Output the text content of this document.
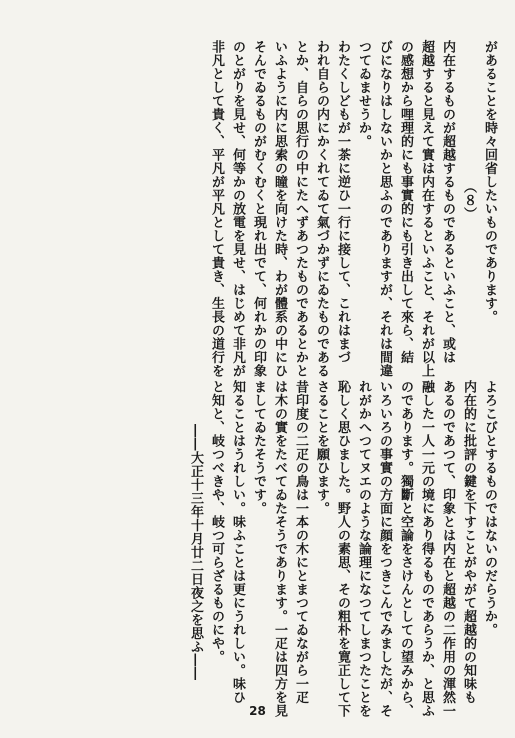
があることを時々回省したいものであります。
（８）
内在するものが超越するものであるといふこと、或は
超越すると見えて實は内在するといふこと、それが以上
の感想から哩理的にも事實的にも引き出して來ら、結
びになりはしないかと思ふのでありますが、それは間違
つてゐませうか。
わたくしどもが一茶に逆ひ一行に接して、これはまづ
われ自らの内にかくれてゐて氣づかずにゐたものである
とか、自らの思行の中にたへずあつたものであるとかと
いふように内に思索の瞳を向けた時、わが體系の中にひ
そんでゐるものがむくむくと現れ出でて、何れかの印象
のとがりを見せ、何等かの放電を見せ、はじめて非凡が
非凡として貴く、平凡が平凡として貴き、生長の道行を
よろこびとするものではないのだらうか。
内在的に批評の鍵を下すことがやがて超越的の知味も
あるのであつて、印象とは内在と超越の二作用の渾然一
融した一人一元の境にあり得るものであらうか、と思ふ
のであります。獨斷と空論をさけんとしての望みから、
いろいろの事實の方面に顔をつきこんでみましたが、そ
れがかへつてヌエのような論理になつてしまつたことを
恥しく思ひました。野人の素思、その粗朴を寛正して下
さることを願ひます。
昔印度の二疋の鳥は一本の木にとまつてゐながら一疋
は木の實をたべてゐたそうであります。一疋は四方を見
ましてゐたそうです。
知ることはうれしい。味ふことは更にうれしい。味ひ
と知と、岐つべきや、岐つ可らざるものにや。
――大正十三年十月廿二日夜之を思ふ――
28
